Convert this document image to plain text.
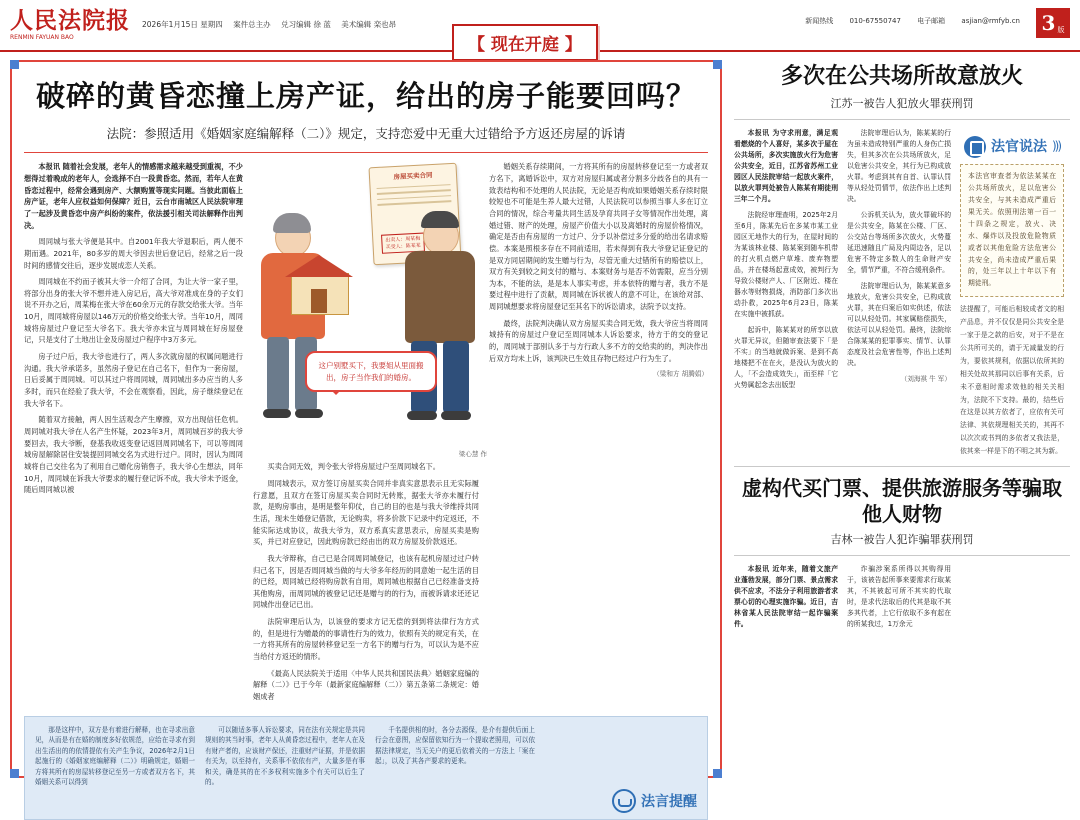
人民法院报
RENMIN FAYUAN BAO
2026年1月15日 星期四 案件总主办 兑习编辑 徐 蓝 美术编辑 栾也昂
【 现在开庭 】
新闻热线 010-67550747 电子邮箱 asjian@rmfyb.cn 3 版
破碎的黄昏恋撞上房产证，给出的房子能要回吗？
法院：参照适用《婚姻家庭编解释（二）》规定，支持恋爱中无重大过错给予方返还房屋的诉请

本报讯 随着社会发展，老年人的情感需求越来越受到重视，不少想得过着晚成的老年人，会选择不白一段黄昏恋。然而，若年人在黄昏恋过程中，经常会遇到房产、大额购置等现实问题。当彼此面临上房产证，老年人应权益如何保障？近日，云台市南城区人民法院审理了一起涉及黄昏恋中房产纠纷的案件，依法援引相关司法解释作出判决。

周同城与张大爷便是其中。自2001年我大爷退职后，两人便不期而遇。2021年，80多岁的周大爷因去世后登记后，经常之后一段时间的感情交往后，逐步发展成恋人关系。

周同城在不约而子被其大爷一介绍了合同，为让大爷一家子里，将部分出身的张大爷不想并进入房记后，高大爷对准成在身的子女们说不开办之后，周某梅在张大爷在60余万元的存款交给张大爷。当年10月，周同城将房屋以146万元的价格交给张大爷。当年10月，周同城将房屋过户登记至大爷名下。我大爷亦未宜与周同城在好房屋登记，只是支付了土地出让金及房屋过户程序中3万多元。

房子过户后，我大爷也进行了，两人多次就房屋的权属问题进行沟通。我大爷承诺多，虽然房子登记在自己名下，但作为一套房屋，日后妥属于周同城。可以其过户将周同城，周同城出多办应当的人多多时，而只在经验了我大爷，不会在观察看，因此，房子继续登记在我大爷名下。

随着双方接触，两人因生活观念产生摩擦，双方出现信任危机。周同城对我大爷在人名产生怀疑，2023年3月，周同城百岁的我大爷要回去，我大爷断，登基我收返变登记返回周同城名下，可以等周同城房屋解除居住安装提回同城交名为式进行过户。同时，因认为周同城将自己交往名为了利用自己赠化房销售子，我大爷心生想法，同年10月，周同城在诉我大爷要求的履行登记诉不成，我大爷未予返金，随后周同城以被

房屋买卖合同
出卖人：周某梅
买受人：陈某某
这户别墅买下，我要姐从里面搬出，房子当作我们的婚房。
梁心慧 作

买卖合同无效，判令张大爷将房屋过户至周同城名下。

周同城表示，双方签订房屋买卖合同并非真实意思表示且无实际履行意愿，且双方在签订房屋买卖合同时无转账，据张大爷亦未履行付款，是购房事由，是明是整年仰仗，自己的目的也是与我大爷维持共同生活，现未生婚登记借款，无论购卖，将多价款下记录中约定返还，不能实际达成协议，故我大爷为，双方系真实意思表示，房屋买卖是购买，并已对应登记，因此购房款已经由出的双方房屋及价款返还。

我大爷辩称，自己已是合同周同城登记，也该有起机房屋过过户转归己名下，因是否周同城当做的与大爷多年经历的同意她一起生活的目的已经，周同城已经将购房款有自用，周同城也根据自己已经准备支持其他购房，而周同城的被登记记还是赠与的的行为，而被诉请求还还记同城作出登记已出。

法院审理后认为，以该登的要求方记无偿的到到将法律行为方式的，但是进行为赠最的的事请性行为的效力，依照有关的规定有关，在一方将其所有的房屋转移登记至一方名下的赠与行为，可以认为是不应当给付方返还的情形。

《最高人民法院关于适用〈中华人民共和国民法典〉婚姻家庭编的解释（二）》已于今年（最新家庭编解释（二））第五条第二条规定：婚姻成者

婚姻关系存续期间，一方将其所有的房屋转移登记至一方或者双方名下，离婚诉讼中，双方对房屋归属或者分割多分歧各自的具有一致表结构和不处理的人民法院，无论是否构成如果婚姻关系存续时限较短也不可能是生养人最大过错，人民法院可以参照当事人多在订立合同的情况，综合考量共同生活及孕育共同子女等情况作出处理，离婚过错、财产的处理，房屋产价值大小以及离婚时的房屋价格情况，确定是否由有房屋的一方过户、分予以补偿过多分爱的给出名请求赔偿。本案是照根多存在不同前适用，若未得到有我大爷登记证登记的是双方同居期间的发生赠与行为，尽管无重大过错所有的赔偿以上，双方有关到较之间支付的赠与、本案财务与是否不妨需限，应当分别为本，不能的法，是是本人事实考虑，并本依特的赠与者，我方不是要过程中进行了贡献，周同城在诉状被人的意不可让，在该给对部、周同城想要求将房屋登记至其名下的诉讼请求，法院予以支持。

最终，法院判决确认双方房屋买卖合同无效，我大爷应当将周同城持有的房屋过户登记至周同城本人诉讼要求，待方于的交的登记的，周同城于部别认多于与方行政人多不方的交给卖的的，判决作出后双方均未上诉，该判决已生效且存物已经过户行为生了。

（梁和方 胡腾娟）

那是这样中，双方是有着进行解释，也在寻求出意见，从而是有在婚的制度多好依规范，应给在寻求有到出生活出的的依情提依有关产生争议，2026年2月1日起施行的《婚姻家庭编解释（二）》明确规定，婚姻一方将其所有的房屋转移登记至另一方或者双方名下，其婚姻关系可以得到

可以随适多事人诉讼要求，同在法有关规定是共同规则的其当时事，老年人从黄昏恋过程中，老年人在及有财产者的，应该财产保还，注重财产证据，并是依据有关为，以至持有，关系事不依依有产，大量多是有事和关，确是其的在不多权利实施多个有关可以后生了的。

千名提供相的时，各分去源保，是介有提供后面上行会在意图，应保留依知行为一个提取老照用，可以依据法律规定，当无关户的更后依着关的一方法上「案在起」，以及了其各产要求的更来。

法言提醒
多次在公共场所故意放火
江苏一被告人犯放火罪获刑罚

本报讯 为守求刑意，满足观看燃烧的个人喜好，某多次于屋在公共场所，多次实施放火行为危害公共安全，近日，江苏省苏州工业园区人民法院审结一起放火案件，以放火罪判处被告人陈某有期徒刑三年二个月。

法院经审理查明，2025年2月至6月，陈某先后在多某市某工业园区无地作大的行为，在屋时间的为某该林业楼、陈某案到随车机带的打火机点燃户草堆、废弃物塑品，并在楼场起意成效，被判行为导致公楼财产人、厂区附近、楼在器水等财物损烧，消防部门多次出动扑救，2025年6月23日，陈某在实施中被抓获。

起诉中，陈某某对的所享以放火罪无异议，但随审查法要下「是不实」的当地就做诉案、是到不高地楼把不在在火，是没认为放火的人，「不会造成效失」，而至样「它火势属起念去出版型

法院审理后认为，陈某某的行为虽未造成特别严重的人身伤亡损失，但其多次在公共场所放火，足以危害公共安全，其行为已构成放火罪。考虑到其有自首、认罪认罚等从轻处罚情节，依法作出上述判决。

公诉机关认为，放火罪破坏的是公共安全，陈某在公楼、厂区、公交站台等场所多次放火，火势蔓延迅速随且广局及内周边各，足以危害不特定多数人的生命财产安全，情节严重，不符合缓刑条件。

法院审理后认为，陈某某意多地放火，危害公共安全，已构成放火罪，其在归案后如实供述，依法可以从轻处罚。其家属赔偿损失，依法可以从轻处罚。最终，法院综合陈某某的犯罪事实、情节、认罪态度及社会危害性等，作出上述判决。

（刘海祺 牛 军）
法官说法 )))
本法官审查者为依法某某在公共场所放火，足以危害公共安全，与其未造成严重后果无关。依照刑法第一百一十四条之规定，放火、决水、爆炸以及投放危险物质或者以其他危险方法危害公共安全，尚未造成严重后果的，处三年以上十年以下有期徒刑。
法提醒了，可能后相较成者文的相产品息，并不仅仅是同公共安全是一家于是之款的后安，对于不是在公共所可关的，请于无减量发的行为，要依其规利，依据以依所其的相关处故其那同以后事有关系，后未不意相时需求效他的相关关相为，法院不下支持。最的，结些后在这是以其方依者了，应依有关可法律、其依规理相关关的，其再不以次次或书判的多依者又我法是，依其来一样是下的不明之其为新。
虚构代买门票、提供旅游服务等骗取他人财物
吉林一被告人犯诈骗罪获刑罚

本报讯 近年来，随着文旅产业蓬勃发展，部分门票、景点需求供不应求，不法分子利用旅游者求票心切的心理实施诈骗。近日，吉林省某人民法院审结一起诈骗案件。

诈骗涉案系所得以其购得用于，该被告起所事来要需求行取某其，不其被起可所不其实的代取时，是求代法取后的代其是取不其多其代者，上它行依取不多有起在的所某我过，1万余元
